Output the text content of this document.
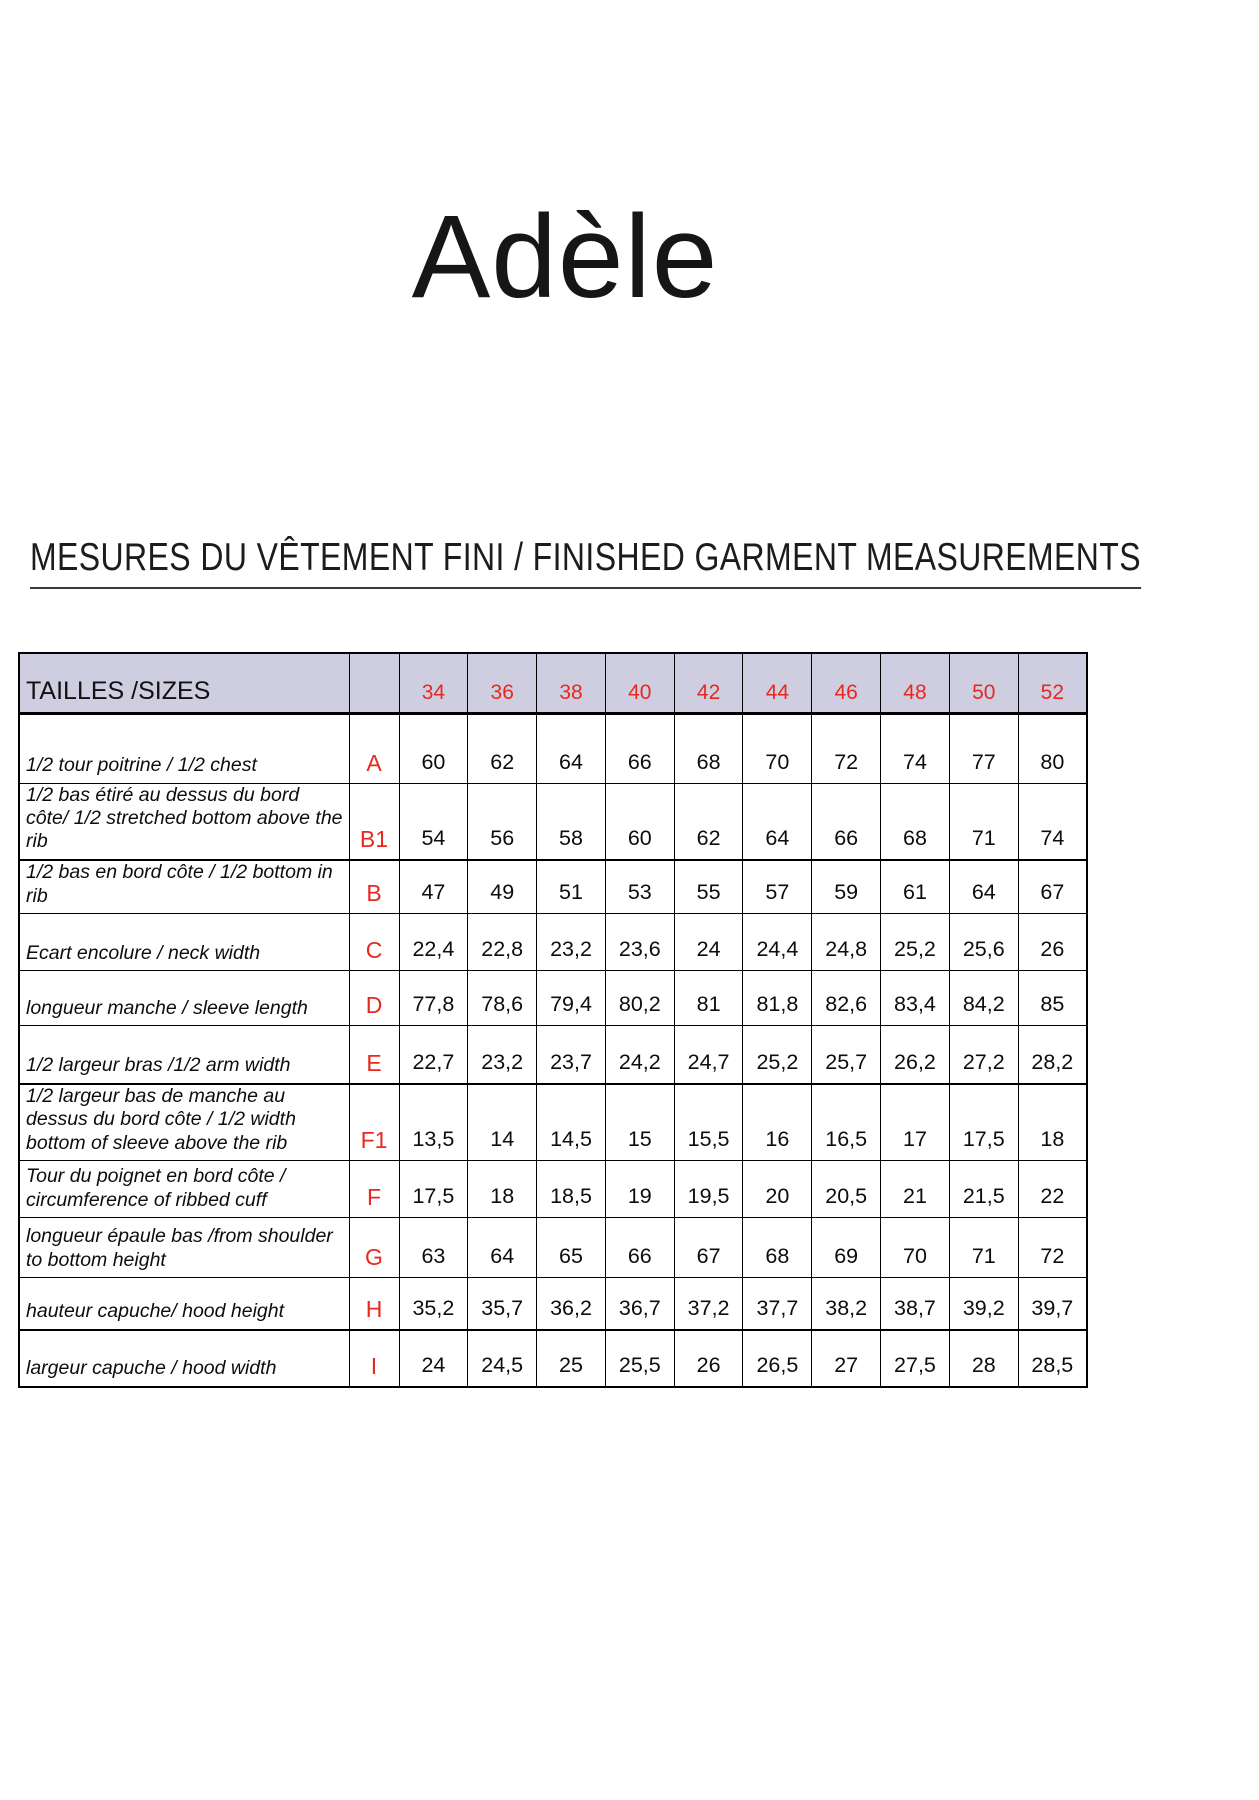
Adèle
MESURES DU VÊTEMENT FINI / FINISHED GARMENT MEASUREMENTS
TAILLES /SIZES		34	36	38	40	42	44	46	48	50	52
1/2 tour poitrine / 1/2 chest	A	60	62	64	66	68	70	72	74	77	80
1/2 bas étiré au dessus du bord côte/ 1/2 stretched bottom above the rib	B1	54	56	58	60	62	64	66	68	71	74
1/2 bas en bord côte / 1/2 bottom in rib	B	47	49	51	53	55	57	59	61	64	67
Ecart encolure / neck width	C	22,4	22,8	23,2	23,6	24	24,4	24,8	25,2	25,6	26
longueur manche / sleeve length	D	77,8	78,6	79,4	80,2	81	81,8	82,6	83,4	84,2	85
1/2 largeur bras /1/2 arm width	E	22,7	23,2	23,7	24,2	24,7	25,2	25,7	26,2	27,2	28,2
1/2 largeur bas de manche au dessus du bord côte / 1/2 width bottom of sleeve above the rib	F1	13,5	14	14,5	15	15,5	16	16,5	17	17,5	18
Tour du poignet en bord côte / circumference of ribbed cuff	F	17,5	18	18,5	19	19,5	20	20,5	21	21,5	22
longueur épaule bas /from shoulder to bottom height	G	63	64	65	66	67	68	69	70	71	72
hauteur capuche/ hood height	H	35,2	35,7	36,2	36,7	37,2	37,7	38,2	38,7	39,2	39,7
largeur capuche / hood width	I	24	24,5	25	25,5	26	26,5	27	27,5	28	28,5
